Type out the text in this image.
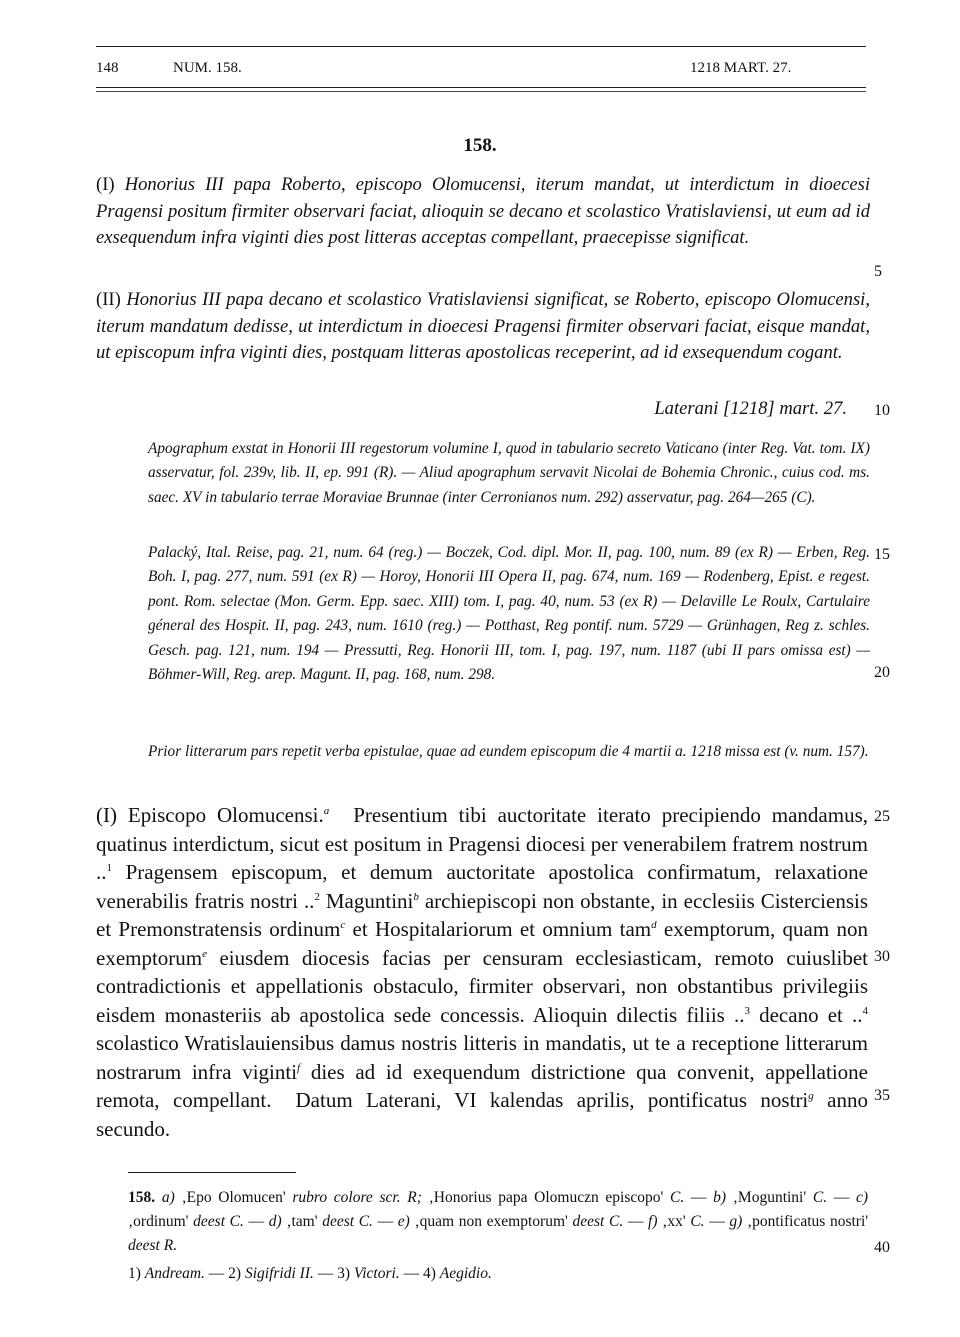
148	NUM. 158.	1218 MART. 27.
158.
(I) Honorius III papa Roberto, episcopo Olomucensi, iterum mandat, ut interdictum in dioecesi Pragensi positum firmiter observari faciat, alioquin se decano et scolastico Vratislaviensi, ut eum ad id exsequendum infra viginti dies post litteras acceptas compellant, praecepisse significat.
(II) Honorius III papa decano et scolastico Vratislaviensi significat, se Roberto, episcopo Olomucensi, iterum mandatum dedisse, ut interdictum in dioecesi Pragensi firmiter observari faciat, eisque mandat, ut episcopum infra viginti dies, postquam litteras apostolicas receperint, ad id exsequendum cogant.
Laterani [1218] mart. 27.
Apographum exstat in Honorii III regestorum volumine I, quod in tabulario secreto Vaticano (inter Reg. Vat. tom. IX) asservatur, fol. 239v, lib. II, ep. 991 (R). — Aliud apographum servavit Nicolai de Bohemia Chronic., cuius cod. ms. saec. XV in tabulario terrae Moraviae Brunnae (inter Cerronianos num. 292) asservatur, pag. 264—265 (C).
Palacký, Ital. Reise, pag. 21, num. 64 (reg.) — Boczek, Cod. dipl. Mor. II, pag. 100, num. 89 (ex R) — Erben, Reg. Boh. I, pag. 277, num. 591 (ex R) — Horoy, Honorii III Opera II, pag. 674, num. 169 — Rodenberg, Epist. e regest. pont. Rom. selectae (Mon. Germ. Epp. saec. XIII) tom. I, pag. 40, num. 53 (ex R) — Delaville Le Roulx, Cartulaire géneral des Hospit. II, pag. 243, num. 1610 (reg.) — Potthast, Reg pontif. num. 5729 — Grünhagen, Reg z. schles. Gesch. pag. 121, num. 194 — Pressutti, Reg. Honorii III, tom. I, pag. 197, num. 1187 (ubi II pars omissa est) — Böhmer-Will, Reg. arep. Magunt. II, pag. 168, num. 298.
Prior litterarum pars repetit verba epistulae, quae ad eundem episcopum die 4 martii a. 1218 missa est (v. num. 157).
(I) Episcopo Olomucensi.$^a$ Presentium tibi auctoritate iterato precipiendo mandamus, quatinus interdictum, sicut est positum in Pragensi diocesi per venerabilem fratrem nostrum ..$^1$ Pragensem episcopum, et demum auctoritate apostolica confirmatum, relaxatione venerabilis fratris nostri ..$^2$ Maguntini$^b$ archiepiscopi non obstante, in ecclesiis Cisterciensis et Premonstratensis ordinum$^c$ et Hospitalariorum et omnium tam$^d$ exemptorum, quam non exemptorum$^e$ eiusdem diocesis facias per censuram ecclesiasticam, remoto cuiuslibet contradictionis et appellationis obstaculo, firmiter observari, non obstantibus privilegiis eisdem monasteriis ab apostolica sede concessis. Alioquin dilectis filiis ..$^3$ decano et ..$^4$ scolastico Wratislauiensibus damus nostris litteris in mandatis, ut te a receptione litterarum nostrarum infra viginti$^f$ dies ad id exequendum districtione qua convenit, appellatione remota, compellant. Datum Laterani, VI kalendas aprilis, pontificatus nostri$^g$ anno secundo.
158. a) ‚Epo Olomucen' rubro colore scr. R; ‚Honorius papa Olomuczn episcopo' C. — b) ‚Moguntini' C. — c) ‚ordinum' deest C. — d) ‚tam' deest C. — e) ‚quam non exemptorum' deest C. — f) ‚xx' C. — g) ‚pontificatus nostri' deest R.
1) Andream. — 2) Sigifridi II. — 3) Victori. — 4) Aegidio.
5
10
15
20
25
30
35
40
